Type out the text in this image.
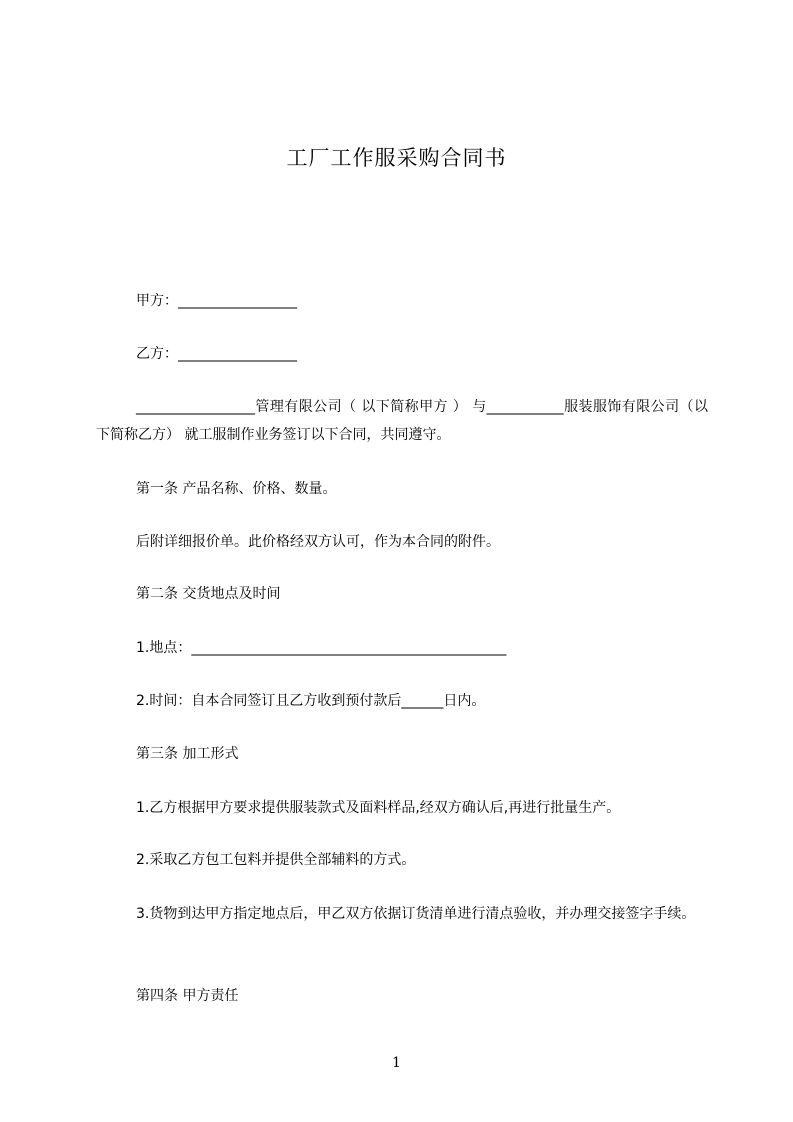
工厂工作服采购合同书
甲方：_________________
乙方：_________________
_________________管理有限公司（ 以下简称甲方 ） 与___________服装服饰有限公司（以下简称乙方） 就工服制作业务签订以下合同，共同遵守。
第一条 产品名称、价格、数量。
后附详细报价单。此价格经双方认可，作为本合同的附件。
第二条 交货地点及时间
1.地点：_____________________________________________
2.时间：自本合同签订且乙方收到预付款后______日内。
第三条 加工形式
1.乙方根据甲方要求提供服装款式及面料样品,经双方确认后,再进行批量生产。
2.采取乙方包工包料并提供全部辅料的方式。
3.货物到达甲方指定地点后，甲乙双方依据订货清单进行清点验收，并办理交接签字手续。
第四条 甲方责任
1
